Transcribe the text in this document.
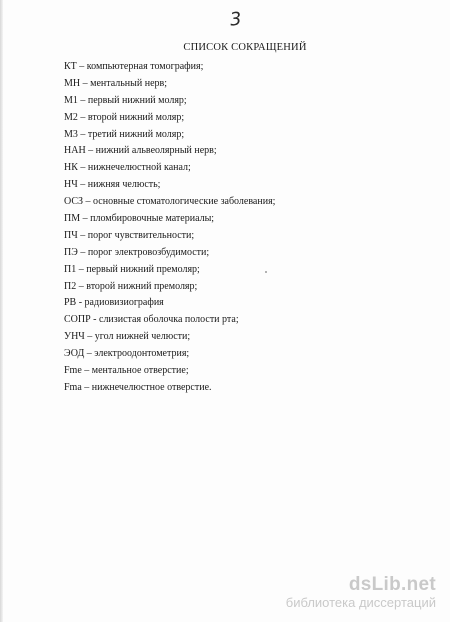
3
СПИСОК СОКРАЩЕНИЙ
КТ – компьютерная томография;
МН – ментальный нерв;
М1 – первый нижний моляр;
М2 – второй нижний моляр;
М3 – третий нижний моляр;
НАН – нижний альвеолярный нерв;
НК – нижнечелюстной канал;
НЧ – нижняя челюсть;
ОСЗ – основные стоматологические заболевания;
ПМ – пломбировочные материалы;
ПЧ – порог чувствительности;
ПЭ – порог электровозбудимости;
П1 – первый нижний премоляр;
П2 – второй нижний премоляр;
РВ - радиовизиография
СОПР - слизистая оболочка полости рта;
УНЧ – угол нижней челюсти;
ЭОД – электроодонтометрия;
Fme – ментальное отверстие;
Fma – нижнечелюстное отверстие.
dsLib.net
библиотека диссертаций
